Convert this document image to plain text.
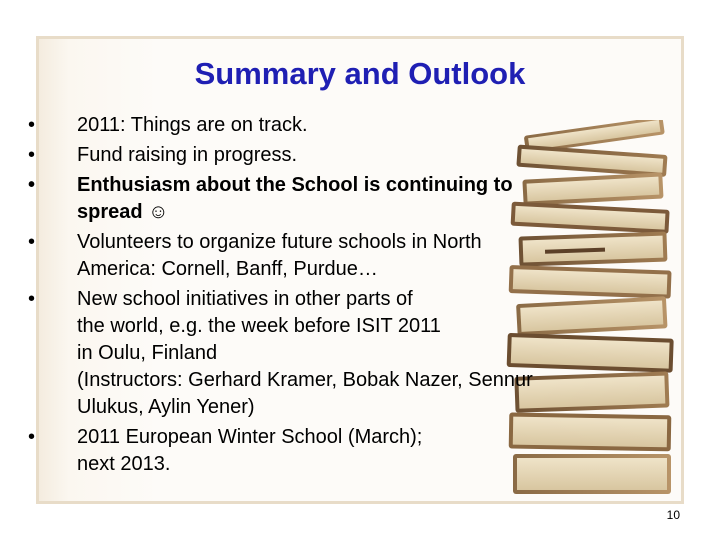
Summary and Outlook
•	2011: Things are on track.
•	Fund raising in progress.
•	Enthusiasm about the School is continuing to
spread ☺
•	Volunteers to organize future schools in North
America: Cornell, Banff, Purdue…
•	New school initiatives in other parts of
the world, e.g. the week before ISIT 2011
in Oulu, Finland
(Instructors: Gerhard Kramer, Bobak Nazer, Sennur
Ulukus, Aylin Yener)
•	2011 European Winter School (March);
next 2013.
10
